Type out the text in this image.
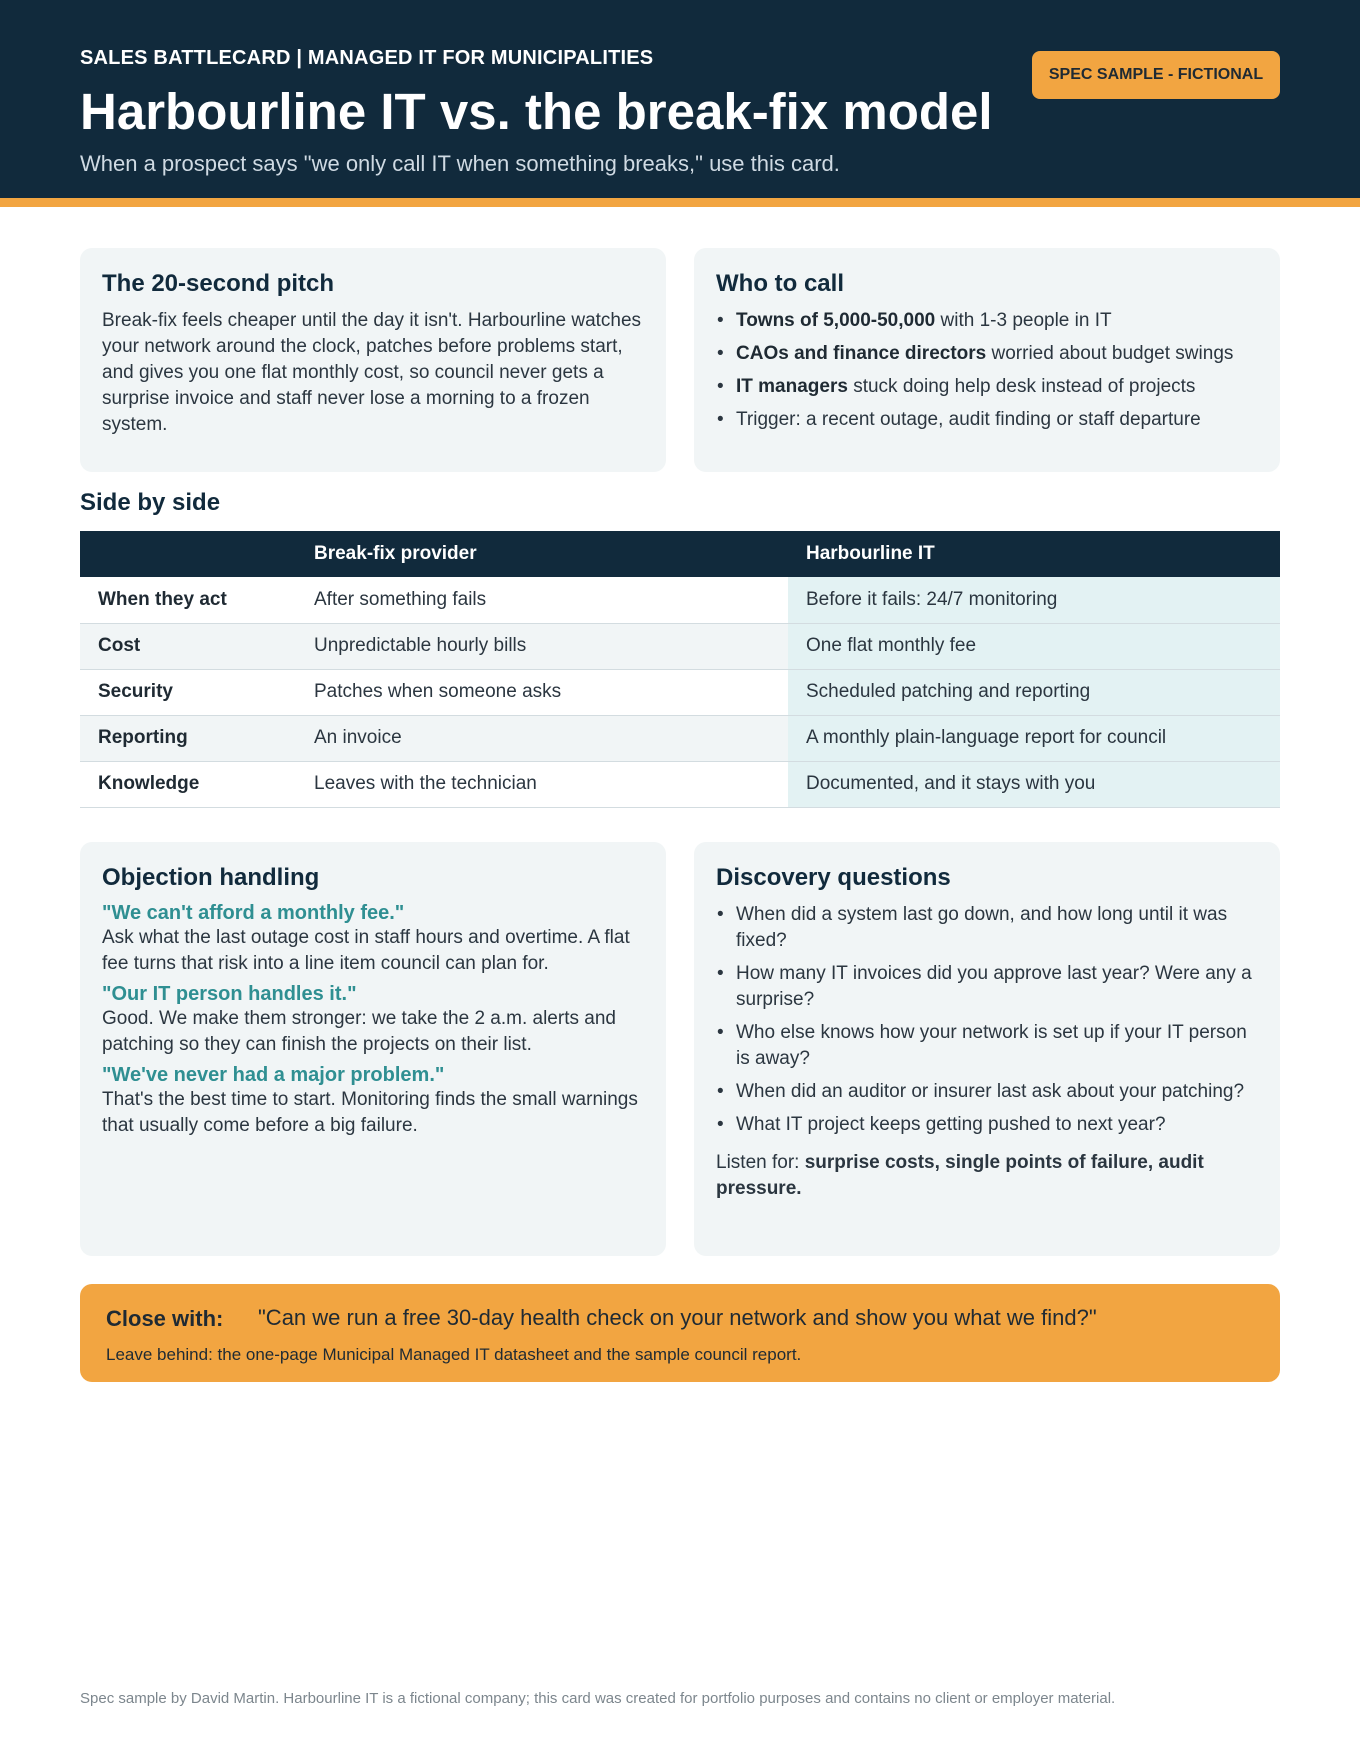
SALES BATTLECARD | MANAGED IT FOR MUNICIPALITIES
Harbourline IT vs. the break-fix model
When a prospect says "we only call IT when something breaks," use this card.
SPEC SAMPLE - FICTIONAL
The 20-second pitch

Break-fix feels cheaper until the day it isn't. Harbourline watches your network around the clock, patches before problems start, and gives you one flat monthly cost, so council never gets a surprise invoice and staff never lose a morning to a frozen system.

Who to call
• Towns of 5,000-50,000 with 1-3 people in IT
• CAOs and finance directors worried about budget swings
• IT managers stuck doing help desk instead of projects
• Trigger: a recent outage, audit finding or staff departure
Side by side
	Break-fix provider	Harbourline IT
When they act	After something fails	Before it fails: 24/7 monitoring
Cost	Unpredictable hourly bills	One flat monthly fee
Security	Patches when someone asks	Scheduled patching and reporting
Reporting	An invoice	A monthly plain-language report for council
Knowledge	Leaves with the technician	Documented, and it stays with you
Objection handling
"We can't afford a monthly fee."
Ask what the last outage cost in staff hours and overtime. A flat fee turns that risk into a line item council can plan for.
"Our IT person handles it."
Good. We make them stronger: we take the 2 a.m. alerts and patching so they can finish the projects on their list.
"We've never had a major problem."
That's the best time to start. Monitoring finds the small warnings that usually come before a big failure.
Discovery questions
• When did a system last go down, and how long until it was fixed?
• How many IT invoices did you approve last year? Were any a surprise?
• Who else knows how your network is set up if your IT person is away?
• When did an auditor or insurer last ask about your patching?
• What IT project keeps getting pushed to next year?

Listen for: surprise costs, single points of failure, audit pressure.

Close with: "Can we run a free 30-day health check on your network and show you what we find?"
Leave behind: the one-page Municipal Managed IT datasheet and the sample council report.
Spec sample by David Martin. Harbourline IT is a fictional company; this card was created for portfolio purposes and contains no client or employer material.
